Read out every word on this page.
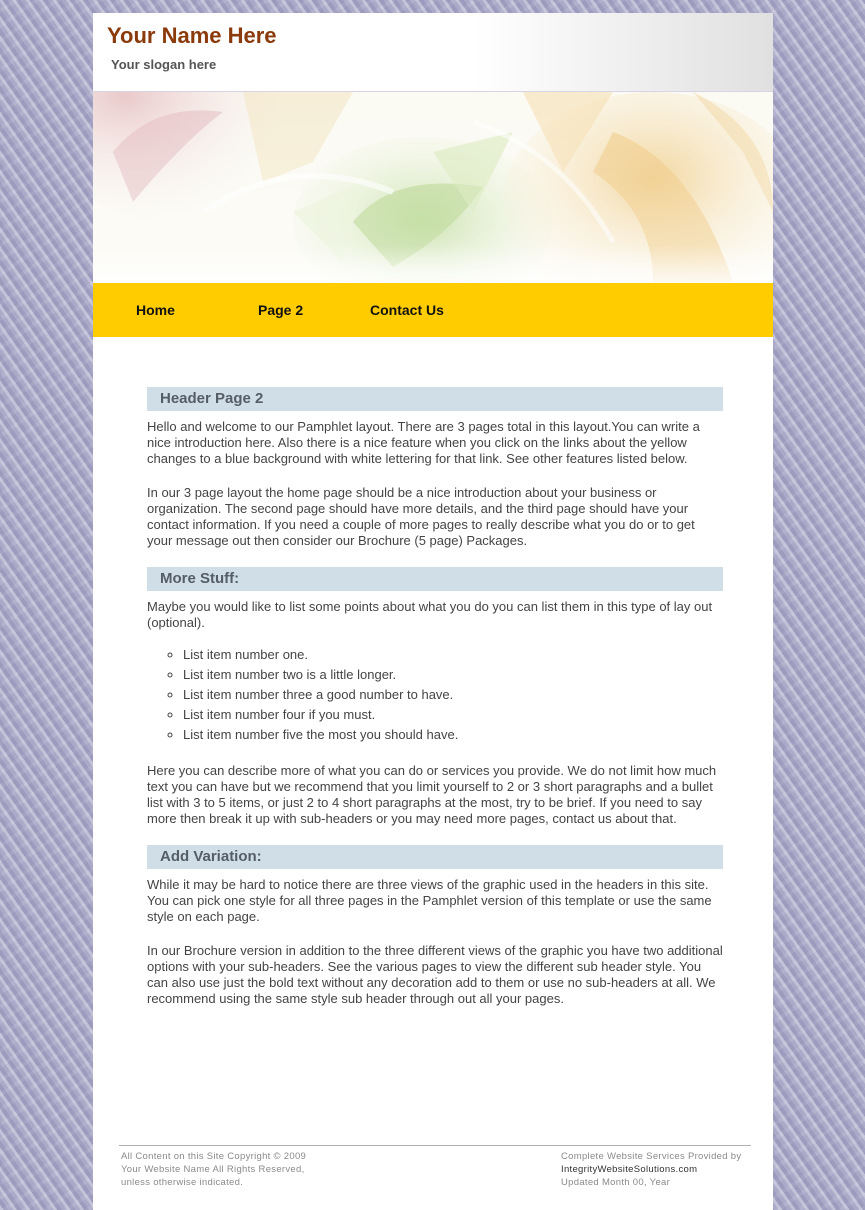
Your Name Here
Your slogan here
Home	Page 2	Contact Us
Header Page 2

Hello and welcome to our Pamphlet layout. There are 3 pages total in this layout.You can write a nice introduction here. Also there is a nice feature when you click on the links about the yellow changes to a blue background with white lettering for that link. See other features listed below.

In our 3 page layout the home page should be a nice introduction about your business or organization. The second page should have more details, and the third page should have your contact information. If you need a couple of more pages to really describe what you do or to get your message out then consider our Brochure (5 page) Packages.

More Stuff:

Maybe you would like to list some points about what you do you can list them in this type of lay out (optional).

◦ List item number one.
◦ List item number two is a little longer.
◦ List item number three a good number to have.
◦ List item number four if you must.
◦ List item number five the most you should have.

Here you can describe more of what you can do or services you provide. We do not limit how much text you can have but we recommend that you limit yourself to 2 or 3 short paragraphs and a bullet list with 3 to 5 items, or just 2 to 4 short paragraphs at the most, try to be brief. If you need to say more then break it up with sub-headers or you may need more pages, contact us about that.

Add Variation:

While it may be hard to notice there are three views of the graphic used in the headers in this site. You can pick one style for all three pages in the Pamphlet version of this template or use the same style on each page.

In our Brochure version in addition to the three different views of the graphic you have two additional options with your sub-headers. See the various pages to view the different sub header style. You can also use just the bold text without any decoration add to them or use no sub-headers at all. We recommend using the same style sub header through out all your pages.

All Content on this Site Copyright © 2009
Your Website Name All Rights Reserved,
unless otherwise indicated.
Complete Website Services Provided by
IntegrityWebsiteSolutions.com
Updated Month 00, Year
